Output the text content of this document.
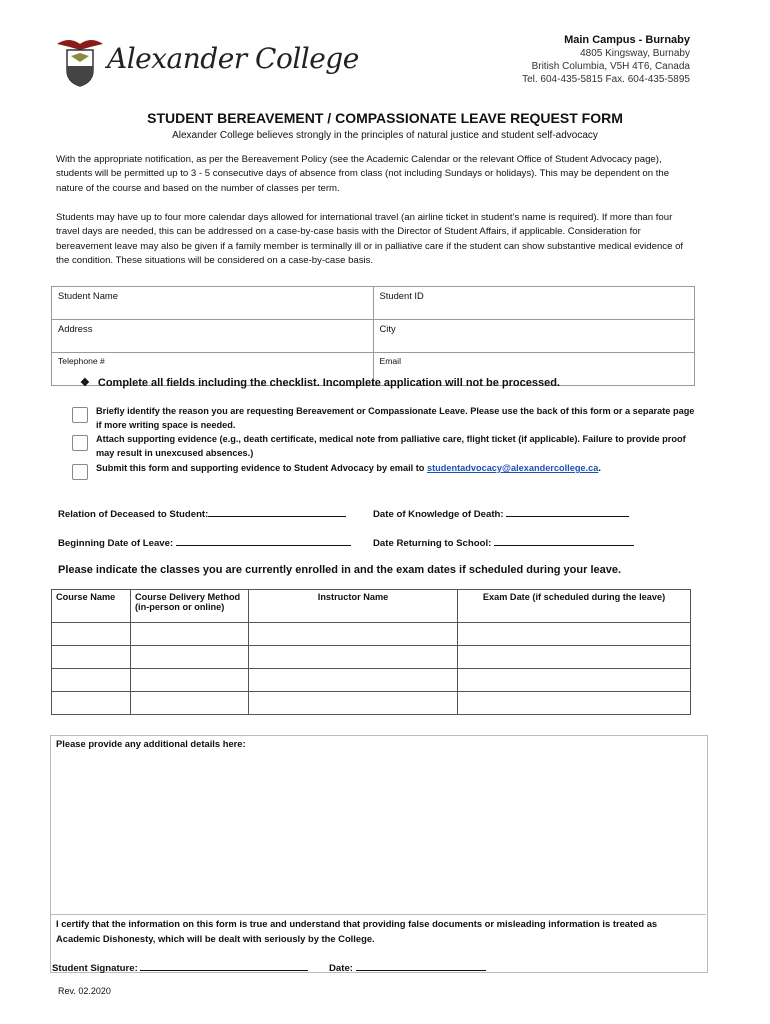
Alexander College
Main Campus - Burnaby
4805 Kingsway, Burnaby
British Columbia, V5H 4T6, Canada
Tel. 604-435-5815 Fax. 604-435-5895
STUDENT BEREAVEMENT / COMPASSIONATE LEAVE REQUEST FORM
Alexander College believes strongly in the principles of natural justice and student self-advocacy
With the appropriate notification, as per the Bereavement Policy (see the Academic Calendar or the relevant Office of Student Advocacy page), students will be permitted up to 3 - 5 consecutive days of absence from class (not including Sundays or holidays). This may be dependent on the nature of the course and based on the number of classes per term.
Students may have up to four more calendar days allowed for international travel (an airline ticket in student’s name is required). If more than four travel days are needed, this can be addressed on a case-by-case basis with the Director of Student Affairs, if applicable. Consideration for bereavement leave may also be given if a family member is terminally ill or in palliative care if the student can show substantive medical evidence of the condition. These situations will be considered on a case-by-case basis.
Student Name	Student ID
Address	City
Telephone #	Email
❖ Complete all fields including the checklist. Incomplete application will not be processed.
Briefly identify the reason you are requesting Bereavement or Compassionate Leave. Please use the back of this form or a separate page if more writing space is needed.
Attach supporting evidence (e.g., death certificate, medical note from palliative care, flight ticket (if applicable). Failure to provide proof may result in unexcused absences.)
Submit this form and supporting evidence to Student Advocacy by email to studentadvocacy@alexandercollege.ca.
Relation of Deceased to Student:	Date of Knowledge of Death:
Beginning Date of Leave:	Date Returning to School:
Please indicate the classes you are currently enrolled in and the exam dates if scheduled during your leave.
Course Name	Course Delivery Method (in-person or online)	Instructor Name	Exam Date (if scheduled during the leave)

Please provide any additional details here:
I certify that the information on this form is true and understand that providing false documents or misleading information is treated as Academic Dishonesty, which will be dealt with seriously by the College.
Student Signature:	Date:
Rev. 02.2020
